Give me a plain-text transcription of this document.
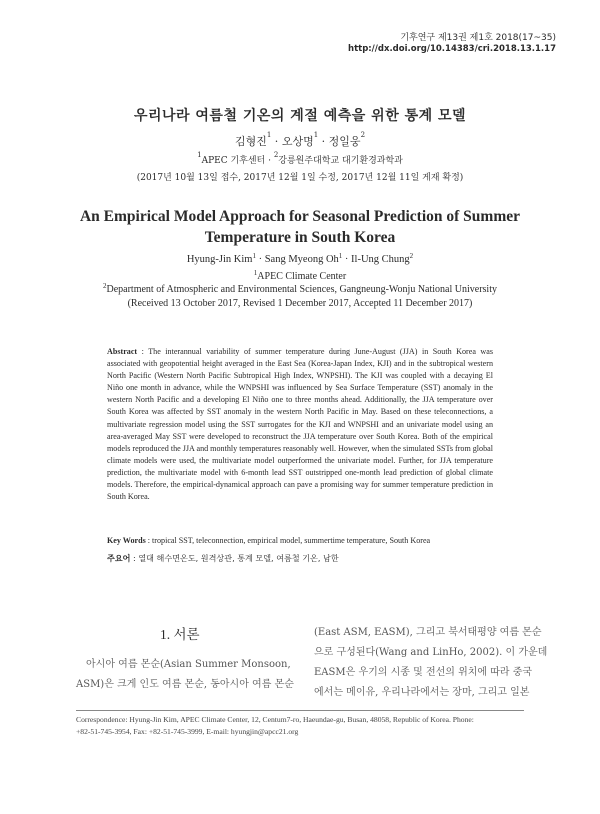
기후연구 제13권 제1호 2018(17~35)
http://dx.doi.org/10.14383/cri.2018.13.1.17
우리나라 여름철 기온의 계절 예측을 위한 통계 모델
김형진$^1$ · 오상명$^1$ · 정일웅$^2$
$^1$APEC 기후센터 · $^2$강릉원주대학교 대기환경과학과
(2017년 10월 13일 접수, 2017년 12월 1일 수정, 2017년 12월 11일 게재 확정)
An Empirical Model Approach for Seasonal Prediction of Summer
Temperature in South Korea
Hyung-Jin Kim$^1$ · Sang Myeong $Oh^1 \cdot Il-Ung$ Chung$^2$
$^1$APEC Climate Center
$^2$Department of Atmospheric and Environmental Sciences, Gangneung-Wonju National University
(Received 13 October 2017, Revised 1 December 2017, Accepted 11 December 2017)
Abstract : The interannual variability of summer temperature during June-August (JJA) in South Korea was associated with geopotential height averaged in the East Sea (Korea-Japan Index, KJI) and in the subtropical western North Pacific (Western North Pacific Subtropical High Index, WNPSHI). The KJI was coupled with a decaying El Niño one month in advance, while the WNPSHI was influenced by Sea Surface Temperature (SST) anomaly in the western North Pacific and a developing El Niño one to three months ahead. Additionally, the JJA temperature over South Korea was affected by SST anomaly in the western North Pacific in May. Based on these teleconnections, a multivariate regression model using the SST surrogates for the KJI and WNPSHI and an univariate model using an area-averaged May SST were developed to reconstruct the JJA temperature over South Korea. Both of the empirical models reproduced the JJA and monthly temperatures reasonably well. However, when the simulated SSTs from global climate models were used, the multivariate model outperformed the univariate model. Further, for JJA temperature prediction, the multivariate model with 6-month lead SST outstripped one-month lead prediction of global climate models. Therefore, the empirical-dynamical approach can pave a promising way for summer temperature prediction in South Korea.
Key Words : tropical SST, teleconnection, empirical model, summertime temperature, South Korea
주요어 : 열대 해수면온도, 원격상관, 통계 모델, 여름철 기온, 남한
1. 서론

　아시아 여름 몬순(Asian Summer Monsoon,

ASM)은 크게 인도 여름 몬순, 동아시아 여름 몬순

(East ASM, EASM), 그리고 북서태평양 여름 몬순

으로 구성된다(Wang and LinHo, 2002). 이 가운데

EASM은 우기의 시종 및 전선의 위치에 따라 중국

에서는 메이유, 우리나라에서는 장마, 그리고 일본

Correspondence: Hyung-Jin Kim, APEC Climate Center, 12, Centum7-ro, Haeundae-gu, Busan, 48058, Republic of Korea. Phone:

+82-51-745-3954, Fax: +82-51-745-3999, E-mail: hyungjin@apcc21.org
